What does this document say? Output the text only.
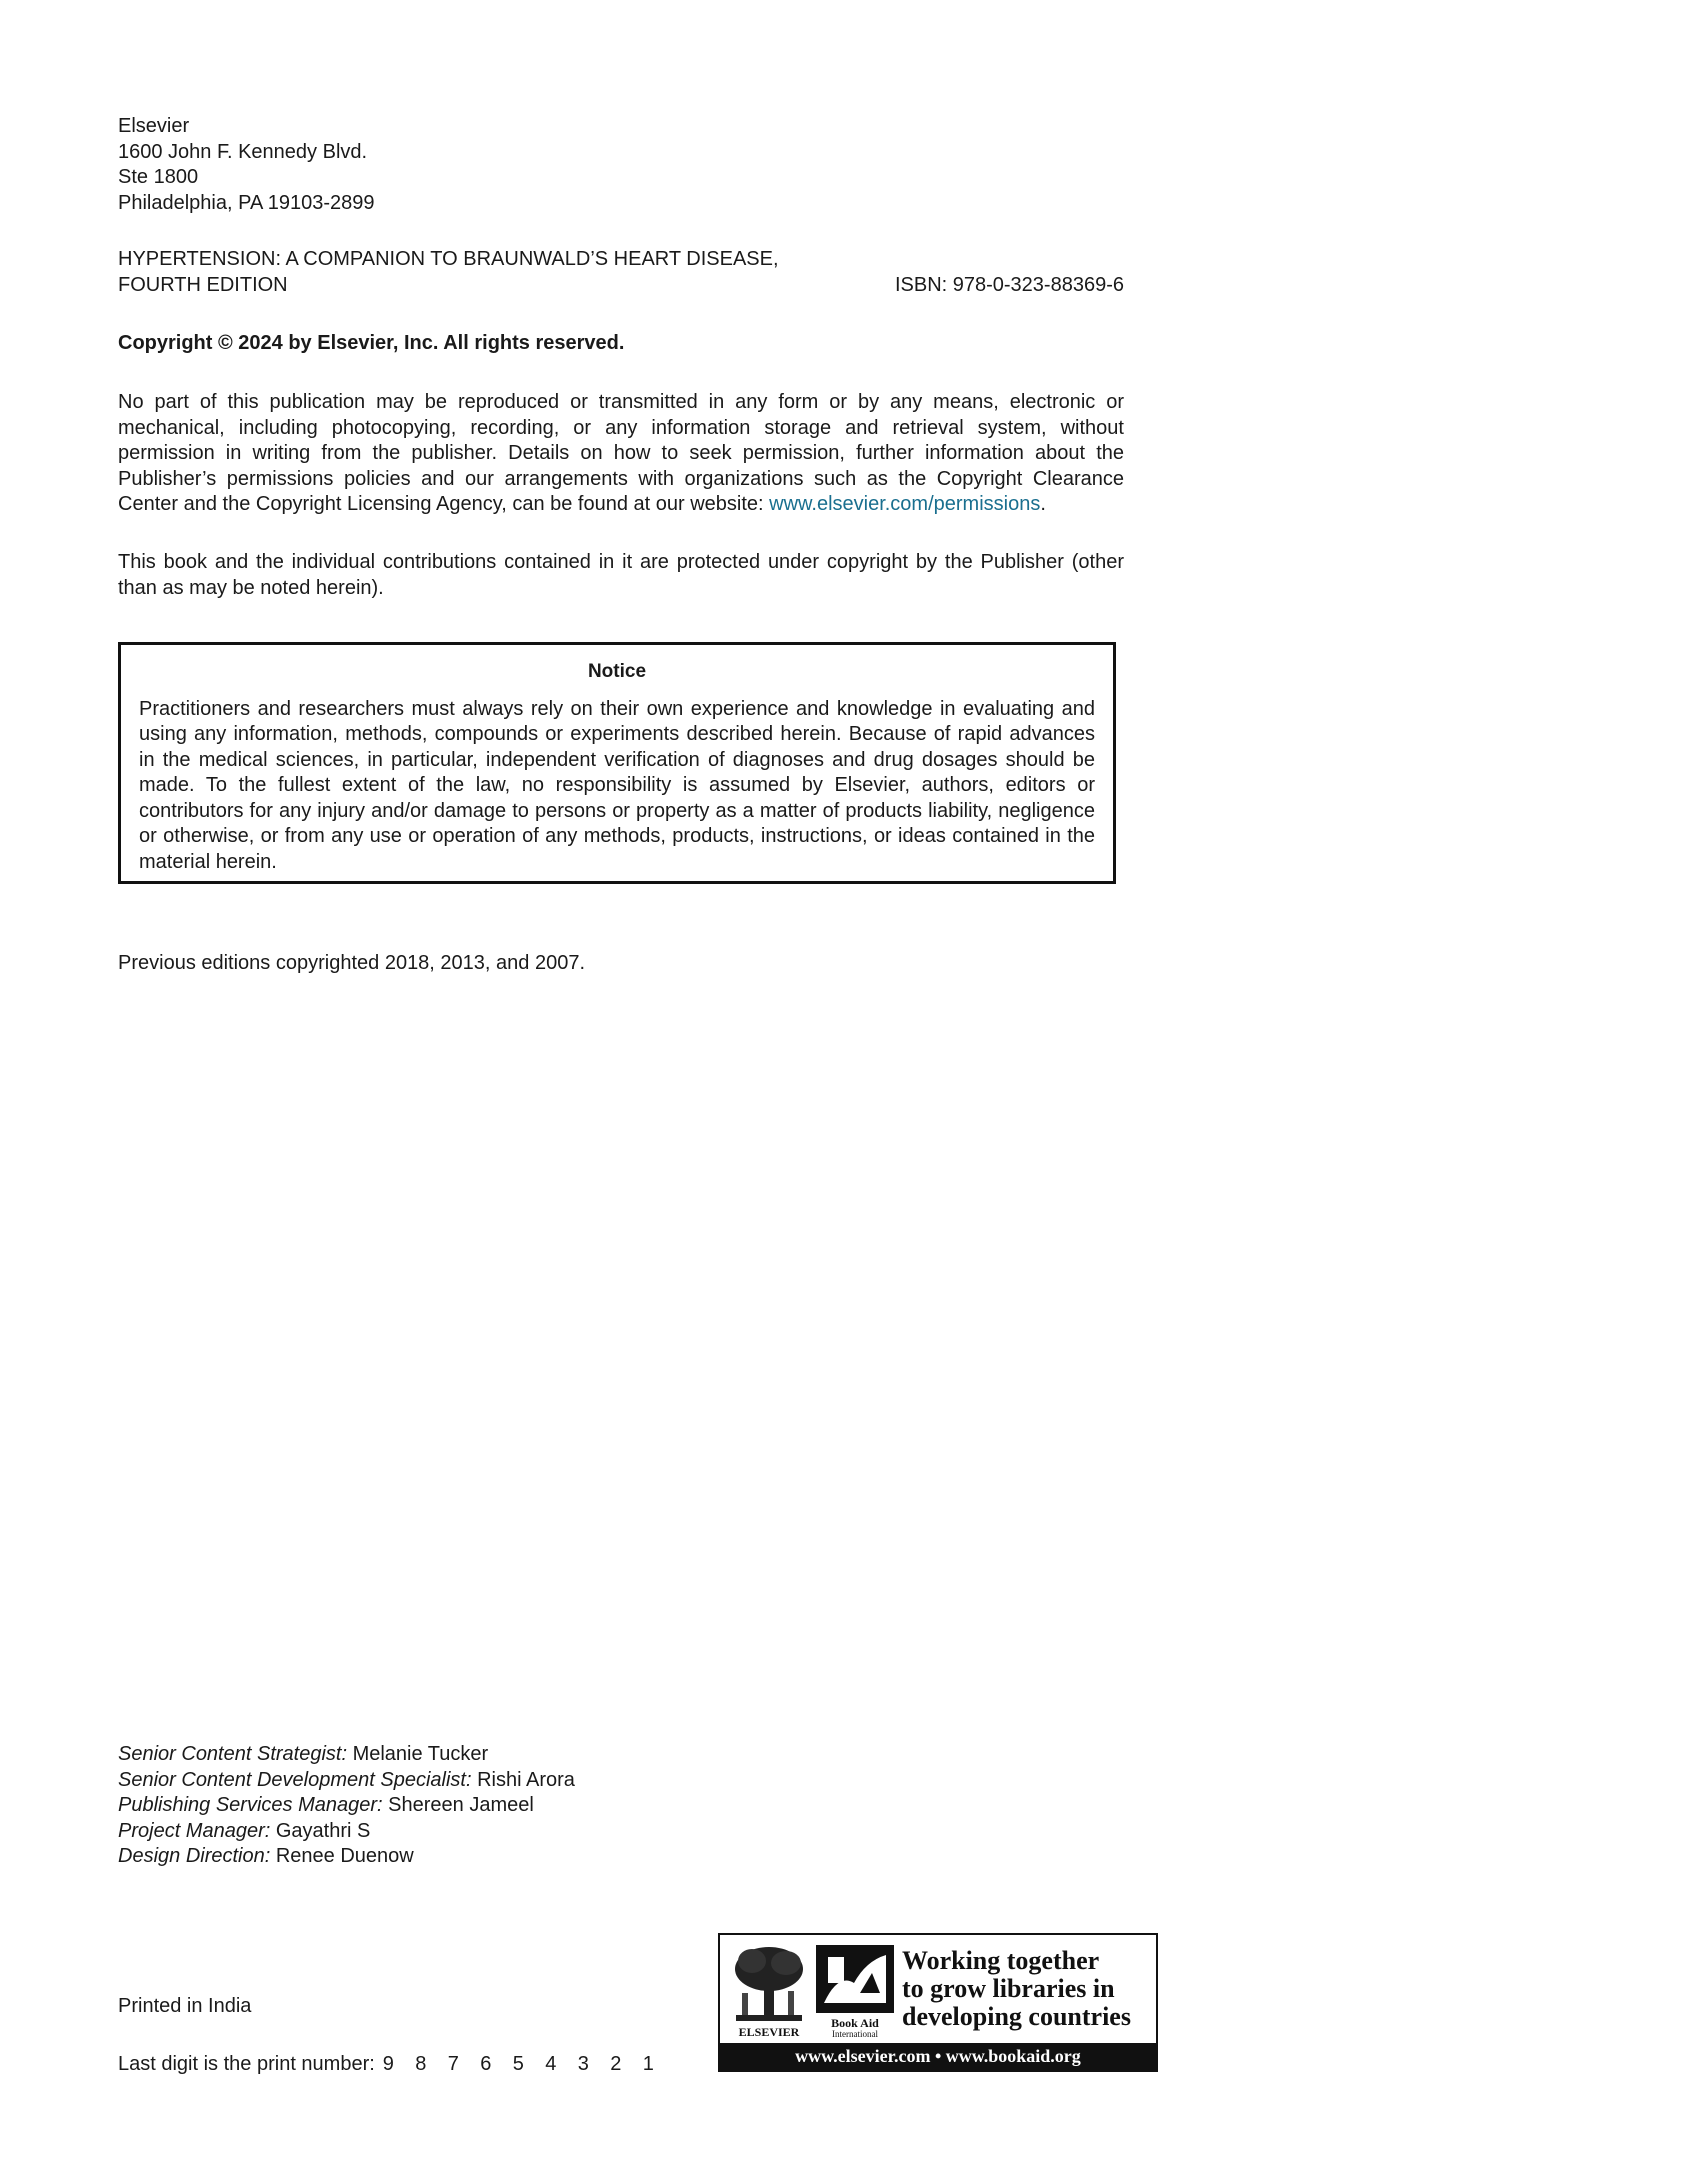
Elsevier
1600 John F. Kennedy Blvd.
Ste 1800
Philadelphia, PA 19103-2899
HYPERTENSION: A COMPANION TO BRAUNWALD’S HEART DISEASE,
FOURTH EDITION	ISBN: 978-0-323-88369-6
Copyright © 2024 by Elsevier, Inc. All rights reserved.
No part of this publication may be reproduced or transmitted in any form or by any means, electronic or mechanical, including photocopying, recording, or any information storage and retrieval system, without permission in writing from the publisher. Details on how to seek permission, further information about the Publisher’s permissions policies and our arrangements with organizations such as the Copyright Clearance Center and the Copyright Licensing Agency, can be found at our website: www.elsevier.com/permissions.
This book and the individual contributions contained in it are protected under copyright by the Publisher (other than as may be noted herein).
Notice
Practitioners and researchers must always rely on their own experience and knowledge in evaluating and using any information, methods, compounds or experiments described herein. Because of rapid advances in the medical sciences, in particular, independent verification of diagnoses and drug dosages should be made. To the fullest extent of the law, no responsibility is assumed by Elsevier, authors, editors or contributors for any injury and/or damage to persons or property as a matter of products liability, negligence or otherwise, or from any use or operation of any methods, products, instructions, or ideas contained in the material herein.
Previous editions copyrighted 2018, 2013, and 2007.
Senior Content Strategist: Melanie Tucker
Senior Content Development Specialist: Rishi Arora
Publishing Services Manager: Shereen Jameel
Project Manager: Gayathri S
Design Direction: Renee Duenow
Printed in India
Last digit is the print number: 9	8	7	6	5	4	3	2	1
ELSEVIER
Book Aid
International
Working together
to grow libraries in
developing countries
www.elsevier.com • www.bookaid.org
